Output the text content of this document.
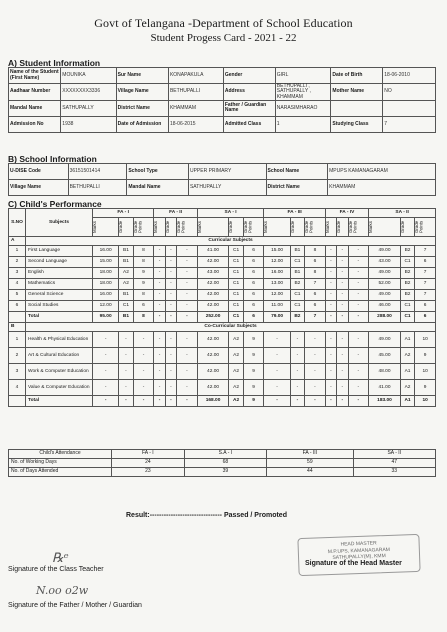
Govt of Telangana -Department of School Education
Student Progess Card - 2021 - 22
A) Student Information
Name of the Student (First Name)	MOUNIKA	Sur Name	KONAPAKULA	Gender	GIRL	Date of Birth	18-06-2010
Aadhaar Number	XXXXXXXX3336	Village Name	BETHUPALLI	Address	BETHUPALLI , SATHUPALLY , KHAMMAM	Mother Name	NO
Mandal Name	SATHUPALLY	District Name	KHAMMAM	Father / Guardian Name	NARASIMHARAO		
Admission No	1938	Date of Admission	18-06-2015	Admitted Class	1	Studying Class	7
B) School Information
U-DISE Code	36151501414	School Type	UPPER PRIMARY	School Name	MPUPS KAMANAGARAM
Village Name	BETHUPALLI	Mandal Name	SATHUPALLY	District Name	KHAMMAM
C) Child's Performance
S.NO	Subjects	FA - I			FA - II			SA - I			FA - III			FA - IV			SA - II		

		Marks	Grade	Grade Points	Marks	Grade	Grade Points	Marks	Grade	Grade Points	Marks	Grade	Grade Points	Marks	Grade	Grade Points	Marks	Grade	Grade Points

A	Curricular Subjects																		
1	First Language	16.00	B1	8	-	-	-	41.00	C1	6	15.00	B1	8	-	-	-	49.00	B2	7
2	Second Language	15.00	B1	8	-	-	-	42.00	C1	6	12.00	C1	6	-	-	-	43.00	C1	6
3	English	18.00	A2	9	-	-	-	43.00	C1	6	16.00	B1	8	-	-	-	49.00	B2	7
4	Mathematics	18.00	A2	9	-	-	-	42.00	C1	6	13.00	B2	7	-	-	-	52.00	B2	7
5	General Science	16.00	B1	8	-	-	-	42.00	C1	6	12.00	C1	6	-	-	-	49.00	B2	7
6	Social Studies	12.00	C1	6	-	-	-	42.00	C1	6	11.00	C1	6	-	-	-	46.00	C1	6
	Total	95.00	B1	8	-	-	-	252.00	C1	6	79.00	B2	7	-	-	-	288.00	C1	6
B	Co-Curricular Subjects																		
1	Health & Physical Education	-	-	-	-	-	-	42.00	A2	9	-	-	-	-	-	-	49.00	A1	10
2	Art & Cultural Education	-	-	-	-	-	-	42.00	A2	9	-	-	-	-	-	-	45.00	A2	9
3	Work & Computer Education	-	-	-	-	-	-	42.00	A2	9	-	-	-	-	-	-	48.00	A1	10
4	Value & Computer Education	-	-	-	-	-	-	42.00	A2	9	-	-	-	-	-	-	41.00	A2	9
	Total	-	-	-	-	-	-	168.00	A2	9	-	-	-	-	-	-	183.00	A1	10
Child's Attendance	FA - I	S.A - I	FA - III	SA - II
No. of Working Days	24	68	59	47
No. of Days Attended	23	39	44	33
Result:------------------------------- Passed / Promoted
℞ᵉ
Signature of the Class Teacher
HEAD MASTER
M.P.UPS, KAMANAGARAM
SATHUPALLY(M), KMM
Signature of the Head Master
N.oo o2w
Signature of the Father / Mother / Guardian
